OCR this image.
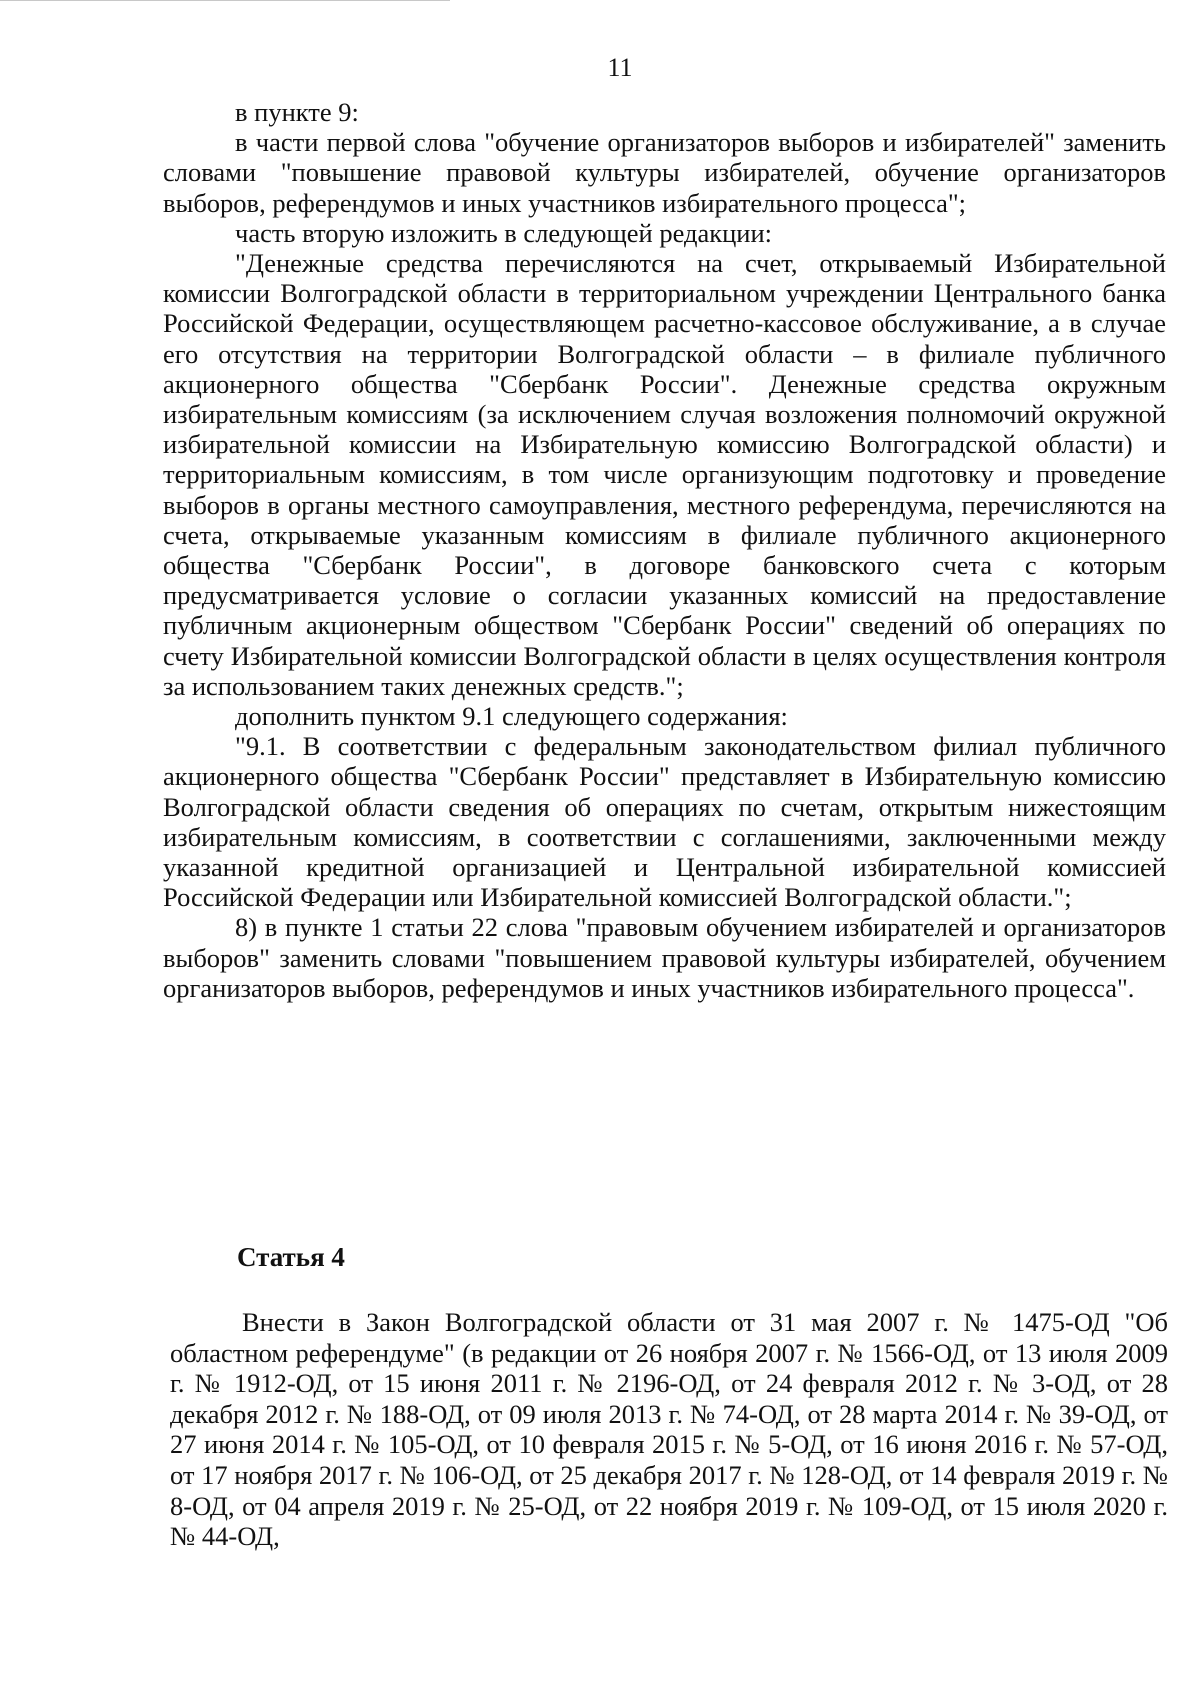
11

в пункте 9:

в части первой слова "обучение организаторов выборов и избирателей" заменить словами "повышение правовой культуры избирателей, обучение организаторов выборов, референдумов и иных участников избирательного процесса";

часть вторую изложить в следующей редакции:

"Денежные средства перечисляются на счет, открываемый Избирательной комиссии Волгоградской области в территориальном учреждении Центрального банка Российской Федерации, осуществляющем расчетно-кассовое обслуживание, а в случае его отсутствия на территории Волгоградской области – в филиале публичного акционерного общества "Сбербанк России". Денежные средства окружным избирательным комиссиям (за исключением случая возложения полномочий окружной избирательной комиссии на Избирательную комиссию Волгоградской области) и территориальным комиссиям, в том числе организующим подготовку и проведение выборов в органы местного самоуправления, местного референдума, перечисляются на счета, открываемые указанным комиссиям в филиале публичного акционерного общества "Сбербанк России", в договоре банковского счета с которым предусматривается условие о согласии указанных комиссий на предоставление публичным акционерным обществом "Сбербанк России" сведений об операциях по счету Избирательной комиссии Волгоградской области в целях осуществления контроля за использованием таких денежных средств.";

дополнить пунктом 9.1 следующего содержания:

"9.1. В соответствии с федеральным законодательством филиал публичного акционерного общества "Сбербанк России" представляет в Избирательную комиссию Волгоградской области сведения об операциях по счетам, открытым нижестоящим избирательным комиссиям, в соответствии с соглашениями, заключенными между указанной кредитной организацией и Центральной избирательной комиссией Российской Федерации или Избирательной комиссией Волгоградской области.";

8) в пункте 1 статьи 22 слова "правовым обучением избирателей и организаторов выборов" заменить словами "повышением правовой культуры избирателей, обучением организаторов выборов, референдумов и иных участников избирательного процесса".

Статья 4

Внести в Закон Волгоградской области от 31 мая 2007 г. № 1475-ОД "Об областном референдуме" (в редакции от 26 ноября 2007 г. № 1566-ОД, от 13 июля 2009 г. № 1912-ОД, от 15 июня 2011 г. № 2196-ОД, от 24 февраля 2012 г. № 3-ОД, от 28 декабря 2012 г. № 188-ОД, от 09 июля 2013 г. № 74-ОД, от 28 марта 2014 г. № 39-ОД, от 27 июня 2014 г. № 105-ОД, от 10 февраля 2015 г. № 5-ОД, от 16 июня 2016 г. № 57-ОД, от 17 ноября 2017 г. № 106-ОД, от 25 декабря 2017 г. № 128-ОД, от 14 февраля 2019 г. № 8-ОД, от 04 апреля 2019 г. № 25-ОД, от 22 ноября 2019 г. № 109-ОД, от 15 июля 2020 г. № 44-ОД,
